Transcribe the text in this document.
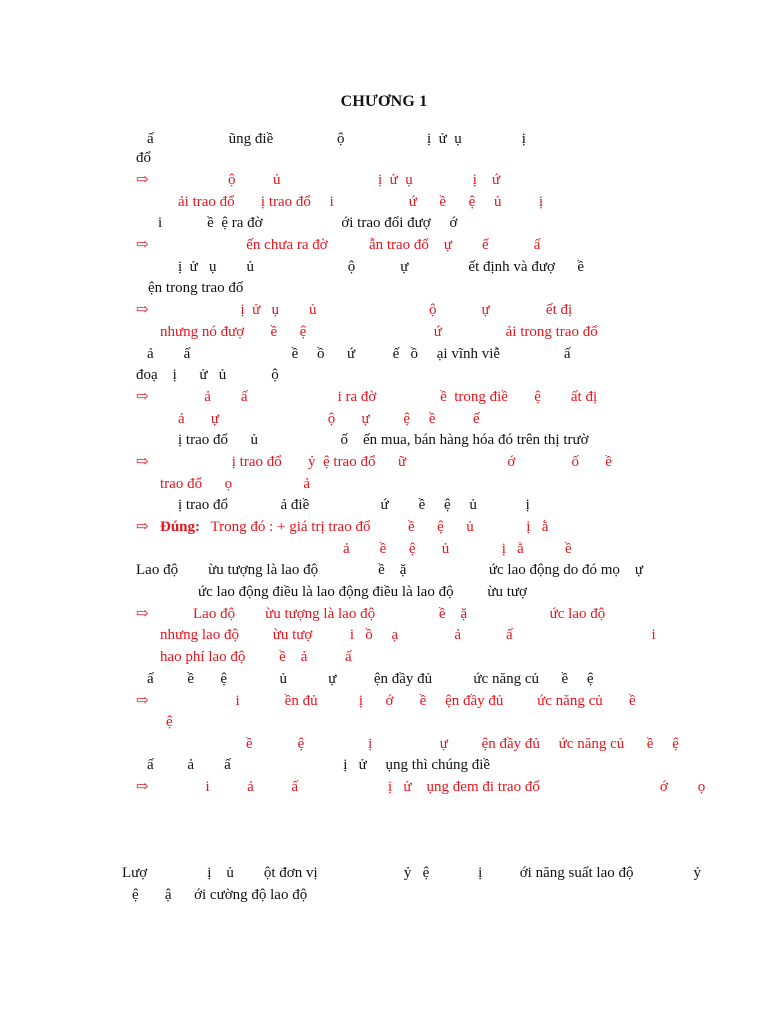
CHƯƠNG 1
ấ                    ũng điề                 ộ                      ị  ử  ụ                ị
đổ
⇨ ộ          ủ                          ị  ử  ụ                ị    ứ
ải trao đổ       ị trao đổ     i                    ứ      ề      ệ     ủ          ị
i            ề  ệ ra đờ                     ới trao đổi đượ     ớ
⇨	ến chưa ra đờ           ẫn trao đổ    ự        ế            ấ
ị  ử   ụ        ủ                         ộ            ự                ết định và đượ      ề
ện trong trao đổ
⇨	ị  ử   ụ        ủ                              ộ            ự               ết đị
nhưng nó đượ       ề      ệ                                  ứ                 ải trong trao đổ
ả        ấ                           ề     ồ      ứ          ế   ồ     ại vĩnh viễ                 ấ
đoạ    ị      ử   ủ            ộ
⇨ ả        ấ                        i ra đờ                 ề  trong điề       ệ        ất đị
ả       ự                             ộ       ự         ệ     ề          ế
ị trao đổ      ủ                      ố    ến mua, bán hàng hóa đó trên thị trườ
⇨ ị trao đổ       ỷ  ệ trao đổ      ữ                           ớ               ố       ề
trao đổ      ọ                   ả
ị trao đổ              ả điề                   ứ        ề     ệ     ủ             ị
⇨ Đúng: Trong đó : + giá trị trao đổ          ề      ệ      ủ              ị   ằ
ả        ề      ệ       ủ              ị   ằ           ề
Lao độ        ừu tượng là lao độ                ề    ặ                      ức lao động do đó mọ    ự
ức lao động điều là lao động điều là lao độ         ừu tượ
⇨ Lao độ        ừu tượng là lao độ                 ề    ặ                      ức lao độ
nhưng lao độ         ừu tượ          i   ồ     ạ               ả            ấ                                     i
hao phí lao độ         ề    ả          ấ
ấ         ề       ệ              ủ           ự          ện đầy đủ           ức năng củ      ề     ệ
⇨ i            ền đủ           ị      ớ       ề     ện đầy đủ         ức năng củ       ề
ệ
ề            ệ                 ị                  ự         ện đầy đủ     ức năng củ      ề     ệ
ấ         ả        ấ                              ị   ử     ụng thì chúng điề
⇨ i          ả          ấ                        ị   ử    ụng đem đi trao đổ                                ớ        ọ
Lượ                ị    ủ        ột đơn vị                       ỷ   ệ             ị          ới năng suất lao độ                ỷ
ệ       ậ      ới cường độ lao độ
